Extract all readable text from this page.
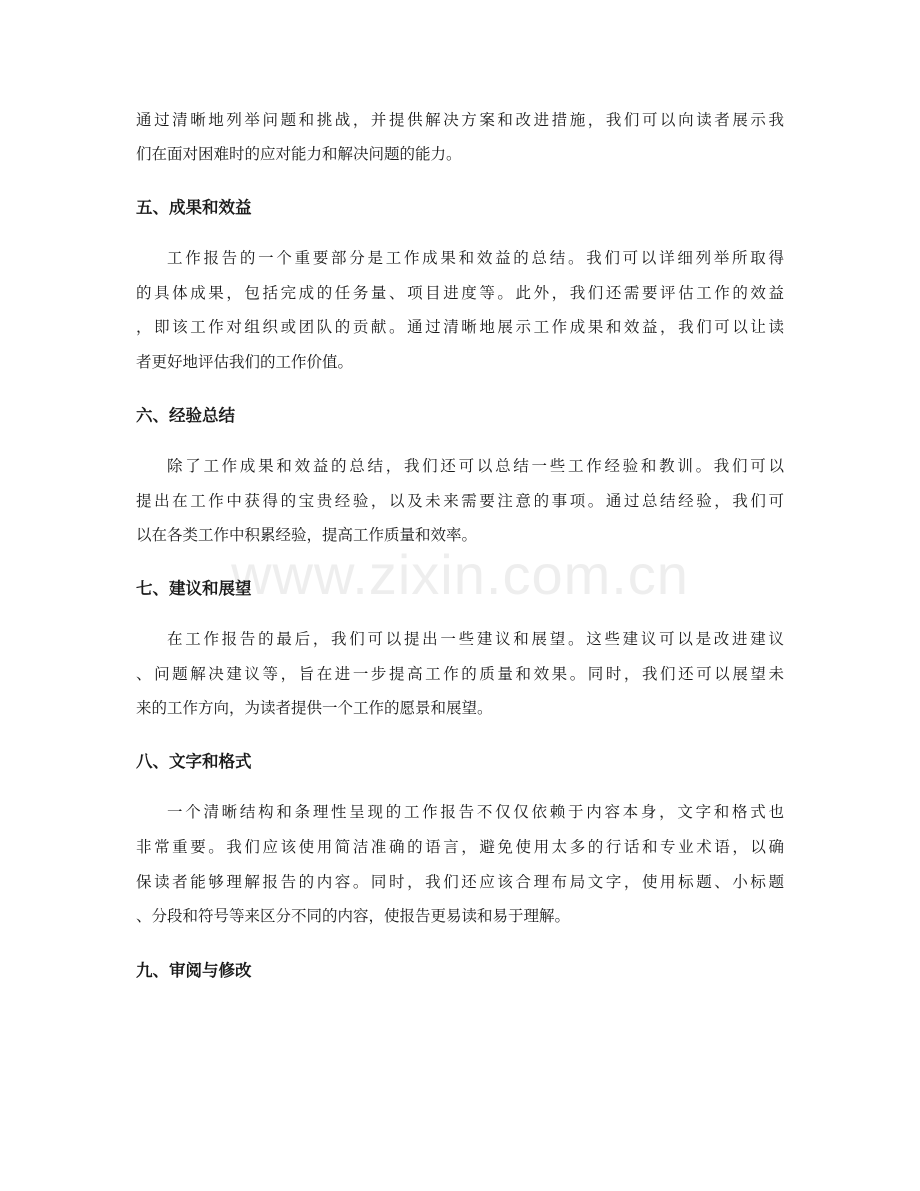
www.zixin.com.cn
通过清晰地列举问题和挑战，并提供解决方案和改进措施，我们可以向读者展示我
们在面对困难时的应对能力和解决问题的能力。
五、成果和效益
工作报告的一个重要部分是工作成果和效益的总结。我们可以详细列举所取得
的具体成果，包括完成的任务量、项目进度等。此外，我们还需要评估工作的效益
，即该工作对组织或团队的贡献。通过清晰地展示工作成果和效益，我们可以让读
者更好地评估我们的工作价值。
六、经验总结
除了工作成果和效益的总结，我们还可以总结一些工作经验和教训。我们可以
提出在工作中获得的宝贵经验，以及未来需要注意的事项。通过总结经验，我们可
以在各类工作中积累经验，提高工作质量和效率。
七、建议和展望
在工作报告的最后，我们可以提出一些建议和展望。这些建议可以是改进建议
、问题解决建议等，旨在进一步提高工作的质量和效果。同时，我们还可以展望未
来的工作方向，为读者提供一个工作的愿景和展望。
八、文字和格式
一个清晰结构和条理性呈现的工作报告不仅仅依赖于内容本身，文字和格式也
非常重要。我们应该使用简洁准确的语言，避免使用太多的行话和专业术语，以确
保读者能够理解报告的内容。同时，我们还应该合理布局文字，使用标题、小标题
、分段和符号等来区分不同的内容，使报告更易读和易于理解。
九、审阅与修改
